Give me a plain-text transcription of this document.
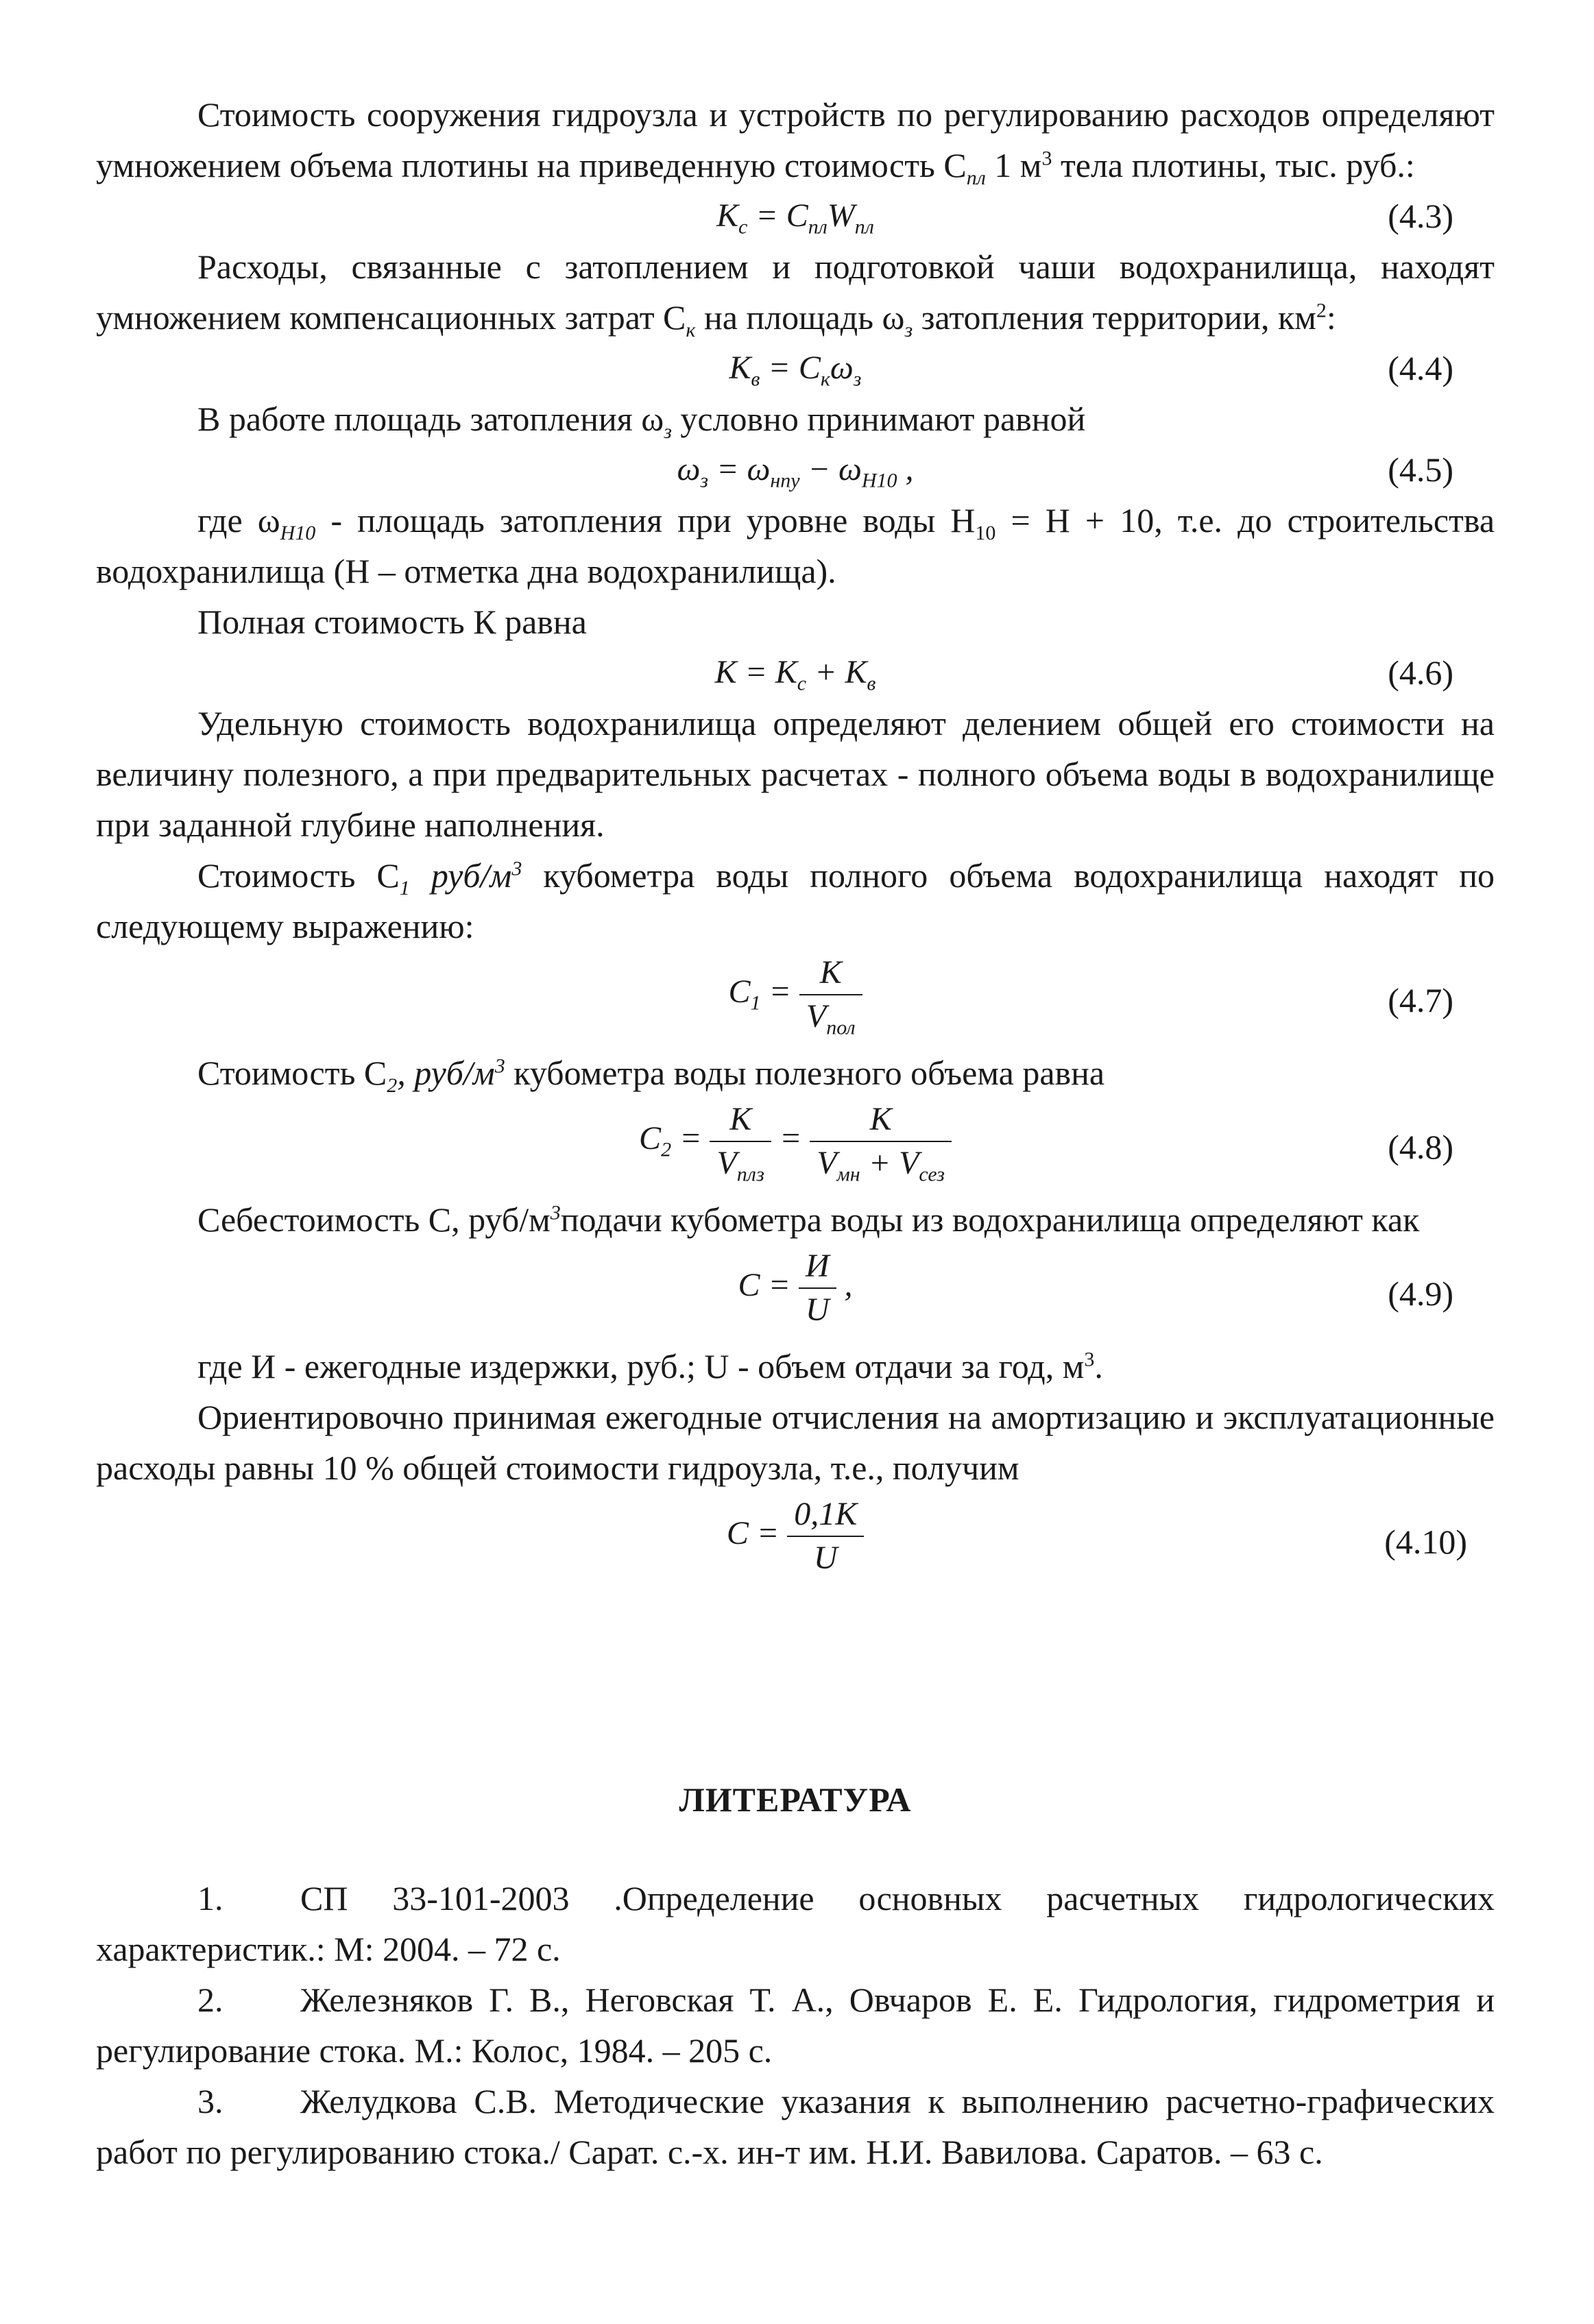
Стоимость сооружения гидроузла и устройств по регулированию расходов определяют умножением объема плотины на приведенную стоимость $С_{пл}$ 1 $м^3$ тела плотины, тыс. руб.:

$К_с = С_{пл}W_{пл}$	(4.3)

Расходы, связанные с затоплением и подготовкой чаши водохранилища, находят умножением компенсационных затрат $С_к$ на площадь $\omega_з$ затопления территории, $км^2$:

$К_в = С_к\omega_з$	(4.4)

В работе площадь затопления $\omega_з$ условно принимают равной

$\omega_з = \omega_{нпу} - \omega_{H10}$ ,	(4.5)

где $\omega_{H10}$ - площадь затопления при уровне воды $H_{10} = H + 10$, т.е. до строительства водохранилища (H – отметка дна водохранилища).

Полная стоимость К равна

$К = К_с + К_в$	(4.6)

Удельную стоимость водохранилища определяют делением общей его стоимости на величину полезного, а при предварительных расчетах - полного объема воды в водохранилище при заданной глубине наполнения.

Стоимость $С_1$ руб/$м^3$ кубометра воды полного объема водохранилища находят по следующему выражению:

$С_1 = \frac{К}{V_{пол}}$	(4.7)

Стоимость $С_2$, руб/$м^3$ кубометра воды полезного объема равна

$С_2 = \frac{К}{V_{плз}} = \frac{К}{V_{мн} + V_{сез}}$	(4.8)

Себестоимость С, руб/$м^3подачи$ кубометра воды из водохранилища определяют как

$С = \frac{И}{U}$ ,	(4.9)

где И - ежегодные издержки, руб.; U - объем отдачи за год, $м^3$.

Ориентировочно принимая ежегодные отчисления на амортизацию и эксплуатационные расходы равны 10 % общей стоимости гидроузла, т.е., получим

$С = \frac{0,1К}{U}$	(4.10)

ЛИТЕРАТУРА

1. СП 33-101-2003 .Определение основных расчетных гидрологических характеристик.: М: 2004. – 72 с.

2. Железняков Г. В., Неговская Т. А., Овчаров Е. Е. Гидрология, гидрометрия и регулирование стока. М.: Колос, 1984. – 205 с.

3. Желудкова С.В. Методические указания к выполнению расчетно-графических работ по регулированию стока./ Сарат. с.-х. ин-т им. Н.И. Вавилова. Саратов. – 63 с.
